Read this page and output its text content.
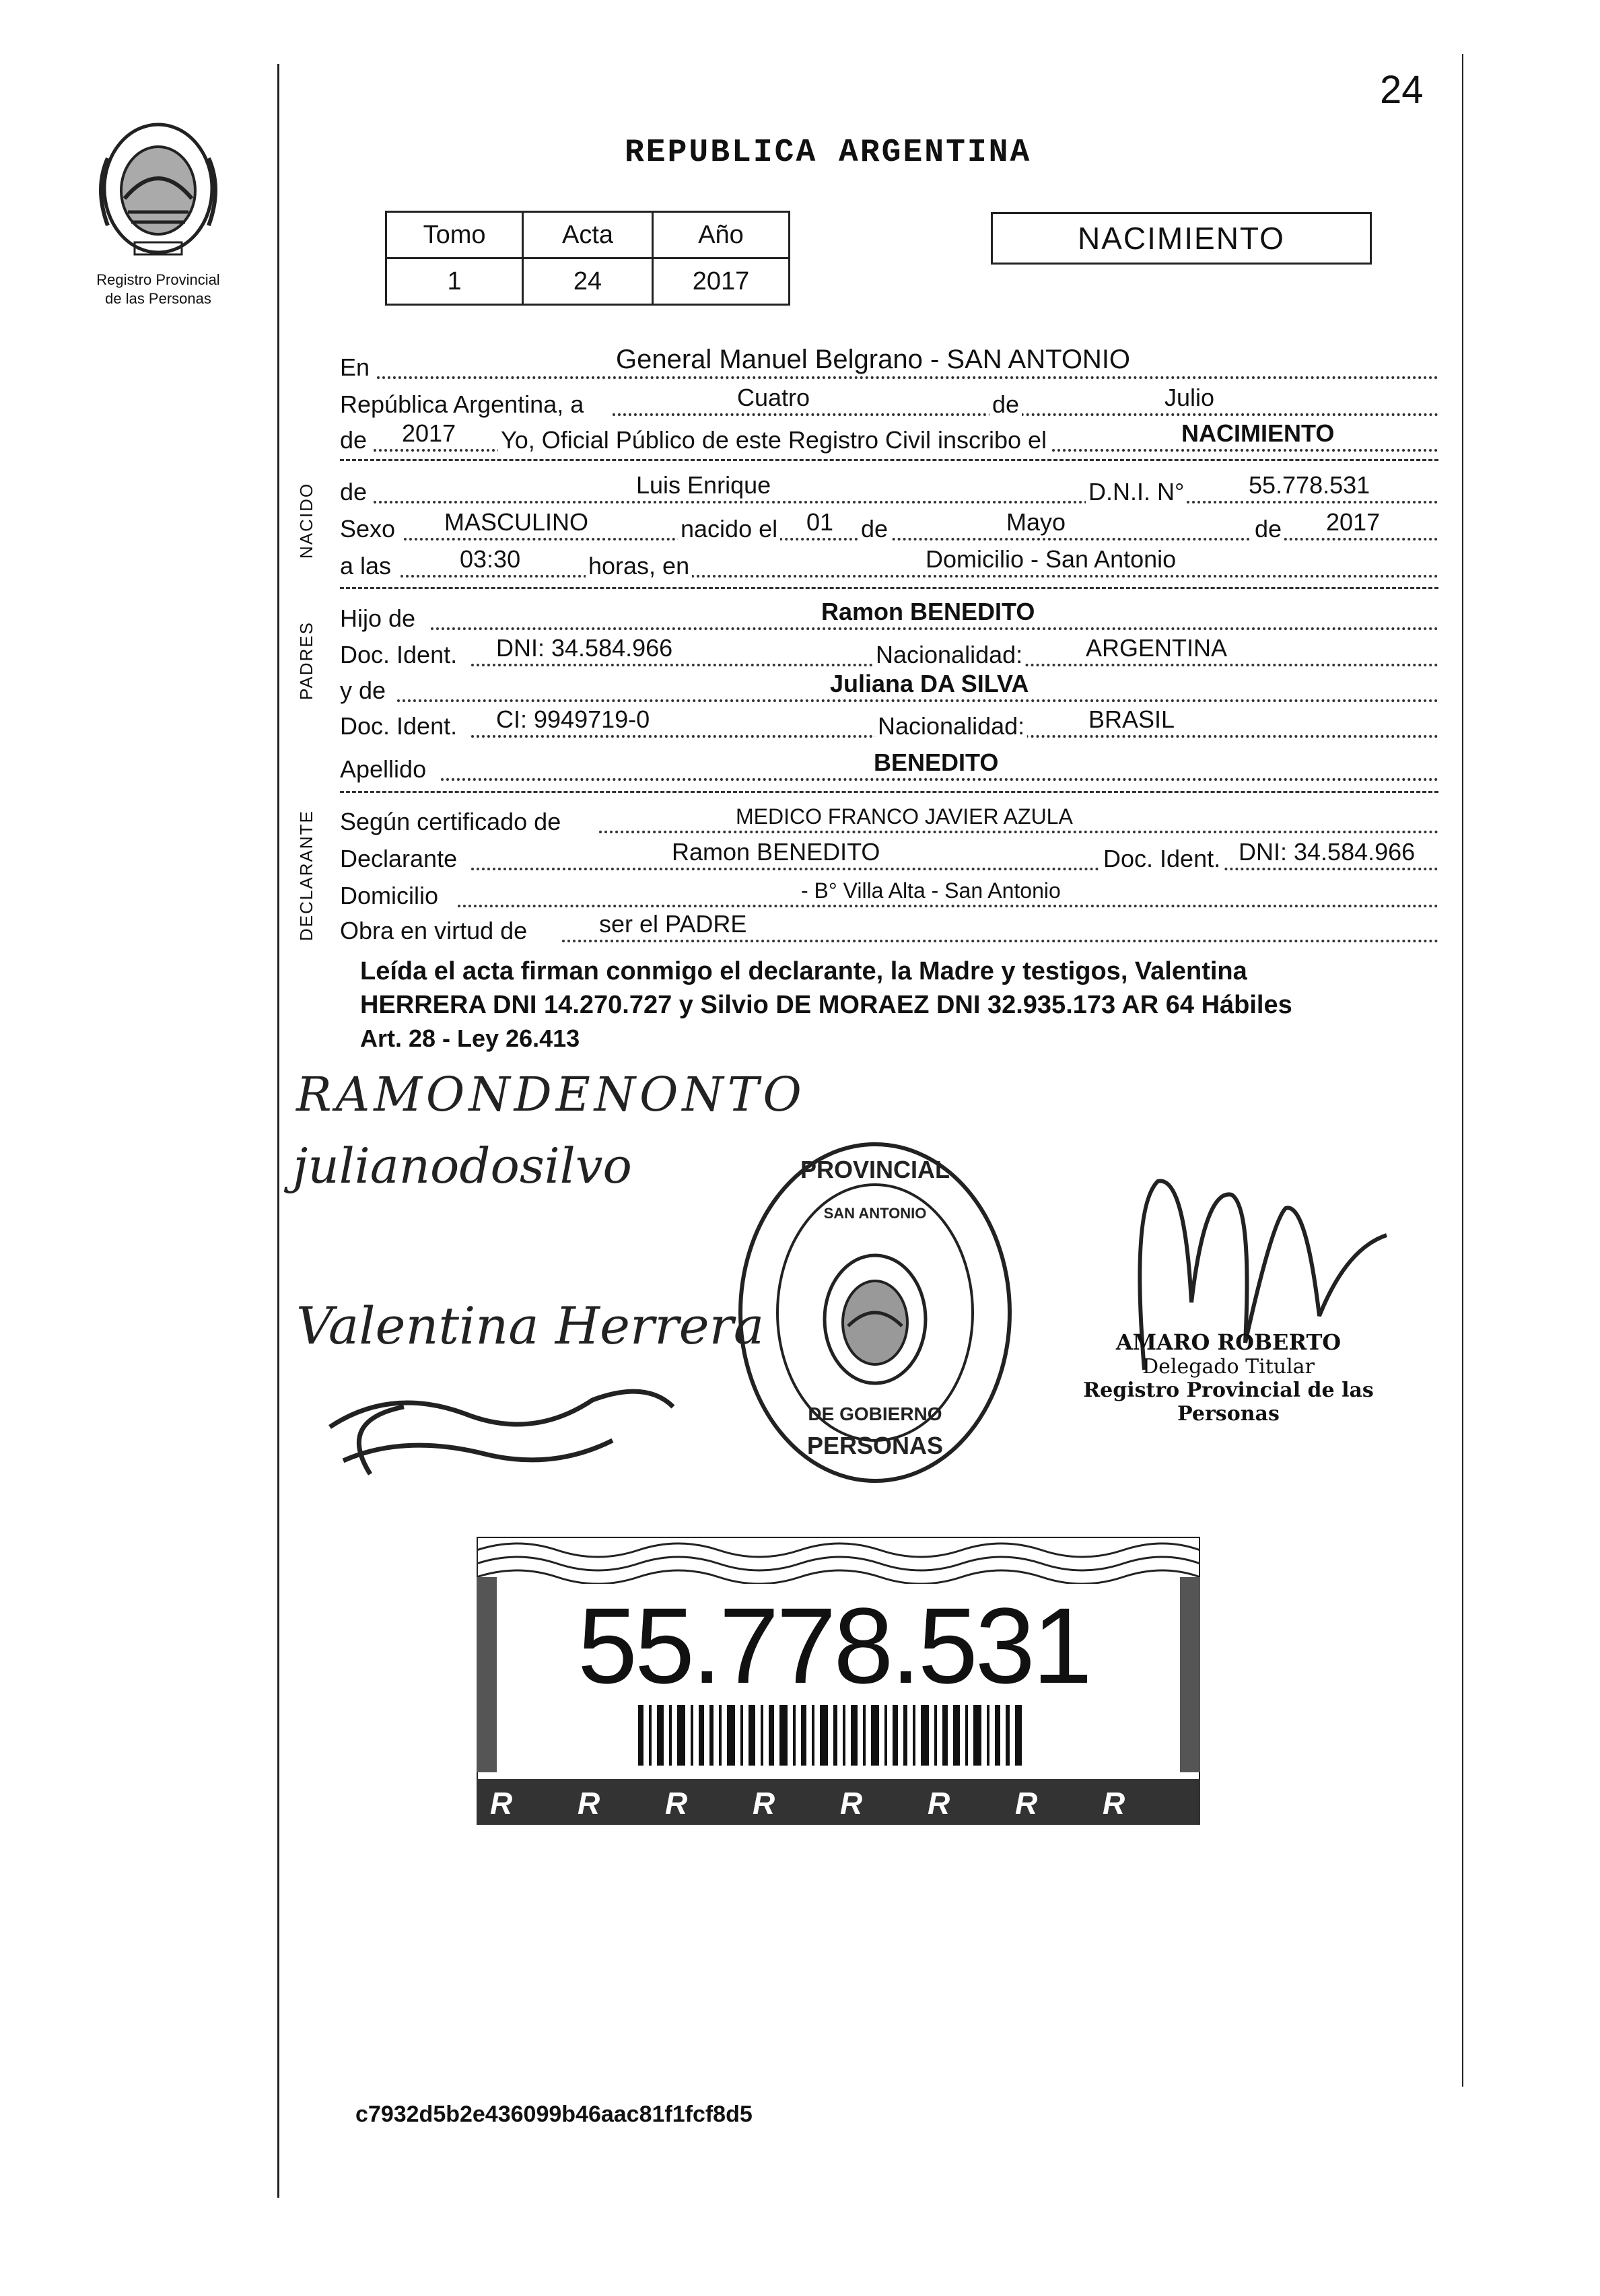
24
Registro Provincial
de las Personas
REPUBLICA ARGENTINA
Tomo	Acta	Año
1	24	2017
NACIMIENTO
En	General Manuel Belgrano - SAN ANTONIO
República Argentina, a	Cuatro	de	Julio
de 2017 Yo, Oficial Público de este Registro Civil inscribo el	NACIMIENTO
de	Luis Enrique	D.N.I. N°	55.778.531
Sexo MASCULINO	nacido el 01 de	Mayo	de 2017
a las	03:30	horas, en	Domicilio - San Antonio
Hijo de	Ramon BENEDITO
Doc. Ident. DNI: 34.584.966	Nacionalidad:	ARGENTINA
y de	Juliana DA SILVA
Doc. Ident. CI: 9949719-0	Nacionalidad:	BRASIL
Apellido	BENEDITO
Según certificado de	MEDICO FRANCO JAVIER AZULA
Declarante	Ramon BENEDITO	Doc. Ident. DNI: 34.584.966
Domicilio	- B° Villa Alta - San Antonio
Obra en virtud de	ser el PADRE
NACIDO
PADRES
DECLARANTE
Leída el acta firman conmigo el declarante, la Madre y testigos, Valentina
HERRERA DNI 14.270.727 y Silvio DE MORAEZ DNI 32.935.173 AR 64 Hábiles
Art. 28 - Ley 26.413
RAMONDENONTO
julianodosilvo
Valentina Herrera
PROVINCIAL
SAN ANTONIO
PERSONAS
DE GOBIERNO
AMARO ROBERTO
Delegado Titular
Registro Provincial de las Personas
R R R R R R R R
55.778.531
c7932d5b2e436099b46aac81f1fcf8d5
